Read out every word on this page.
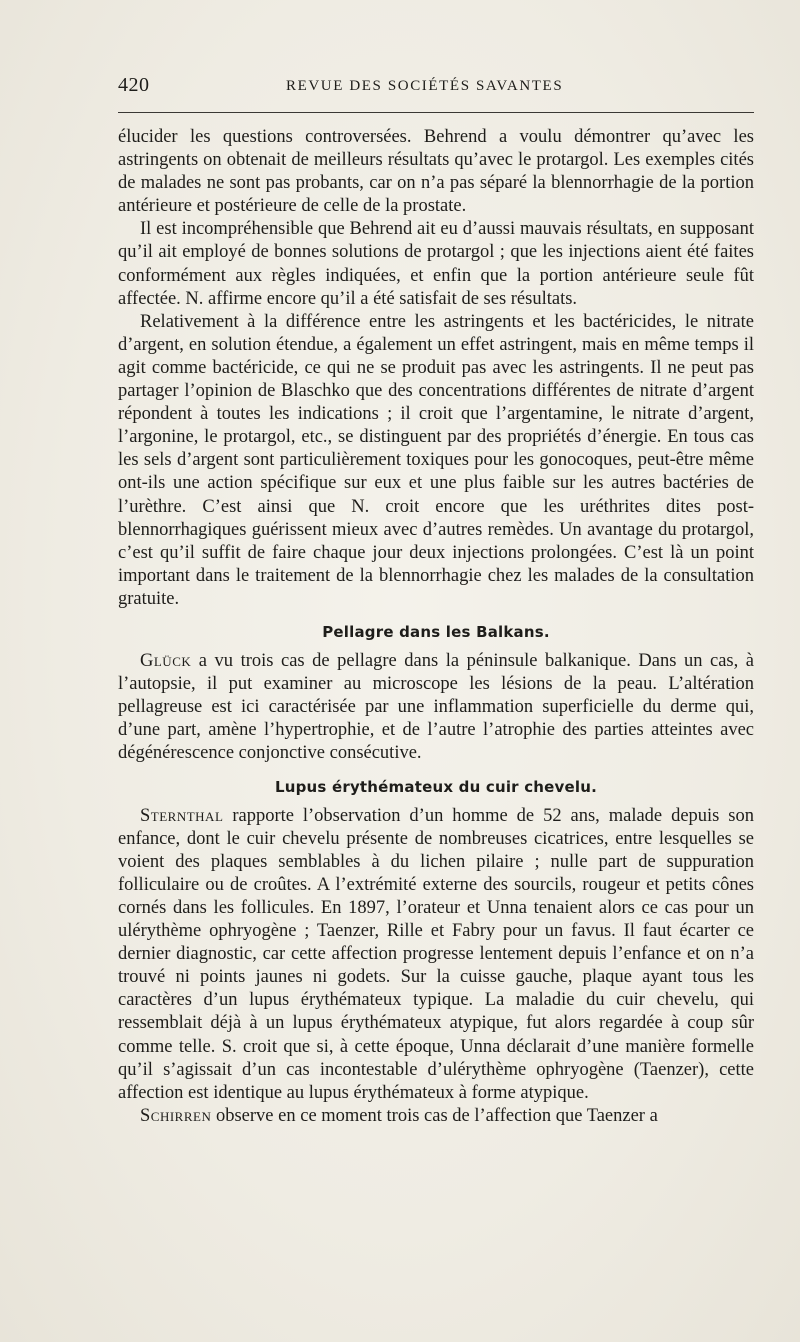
420	REVUE DES SOCIÉTÉS SAVANTES

élucider les questions controversées. Behrend a voulu démontrer qu’avec les astringents on obtenait de meilleurs résultats qu’avec le protargol. Les exemples cités de malades ne sont pas probants, car on n’a pas séparé la blennorrhagie de la portion antérieure et postérieure de celle de la prostate.

Il est incompréhensible que Behrend ait eu d’aussi mauvais résultats, en supposant qu’il ait employé de bonnes solutions de protargol ; que les injections aient été faites conformément aux règles indiquées, et enfin que la portion antérieure seule fût affectée. N. affirme encore qu’il a été satisfait de ses résultats.

Relativement à la différence entre les astringents et les bactéricides, le nitrate d’argent, en solution étendue, a également un effet astringent, mais en même temps il agit comme bactéricide, ce qui ne se produit pas avec les astringents. Il ne peut pas partager l’opinion de Blaschko que des concentrations différentes de nitrate d’argent répondent à toutes les indications ; il croit que l’argentamine, le nitrate d’argent, l’argonine, le protargol, etc., se distinguent par des propriétés d’énergie. En tous cas les sels d’argent sont particulièrement toxiques pour les gonocoques, peut-être même ont-ils une action spécifique sur eux et une plus faible sur les autres bactéries de l’urèthre. C’est ainsi que N. croit encore que les uréthrites dites post-blennorrhagiques guérissent mieux avec d’autres remèdes. Un avantage du protargol, c’est qu’il suffit de faire chaque jour deux injections prolongées. C’est là un point important dans le traitement de la blennorrhagie chez les malades de la consultation gratuite.

Pellagre dans les Balkans.

Glück a vu trois cas de pellagre dans la péninsule balkanique. Dans un cas, à l’autopsie, il put examiner au microscope les lésions de la peau. L’altération pellagreuse est ici caractérisée par une inflammation superficielle du derme qui, d’une part, amène l’hypertrophie, et de l’autre l’atrophie des parties atteintes avec dégénérescence conjonctive consécutive.

Lupus érythémateux du cuir chevelu.

Sternthal rapporte l’observation d’un homme de 52 ans, malade depuis son enfance, dont le cuir chevelu présente de nombreuses cicatrices, entre lesquelles se voient des plaques semblables à du lichen pilaire ; nulle part de suppuration folliculaire ou de croûtes. A l’extrémité externe des sourcils, rougeur et petits cônes cornés dans les follicules. En 1897, l’orateur et Unna tenaient alors ce cas pour un ulérythème ophryogène ; Taenzer, Rille et Fabry pour un favus. Il faut écarter ce dernier diagnostic, car cette affection progresse lentement depuis l’enfance et on n’a trouvé ni points jaunes ni godets. Sur la cuisse gauche, plaque ayant tous les caractères d’un lupus érythémateux typique. La maladie du cuir chevelu, qui ressemblait déjà à un lupus érythémateux atypique, fut alors regardée à coup sûr comme telle. S. croit que si, à cette époque, Unna déclarait d’une manière formelle qu’il s’agissait d’un cas incontestable d’ulérythème ophryogène (Taenzer), cette affection est identique au lupus érythémateux à forme atypique.

Schirren observe en ce moment trois cas de l’affection que Taenzer a
